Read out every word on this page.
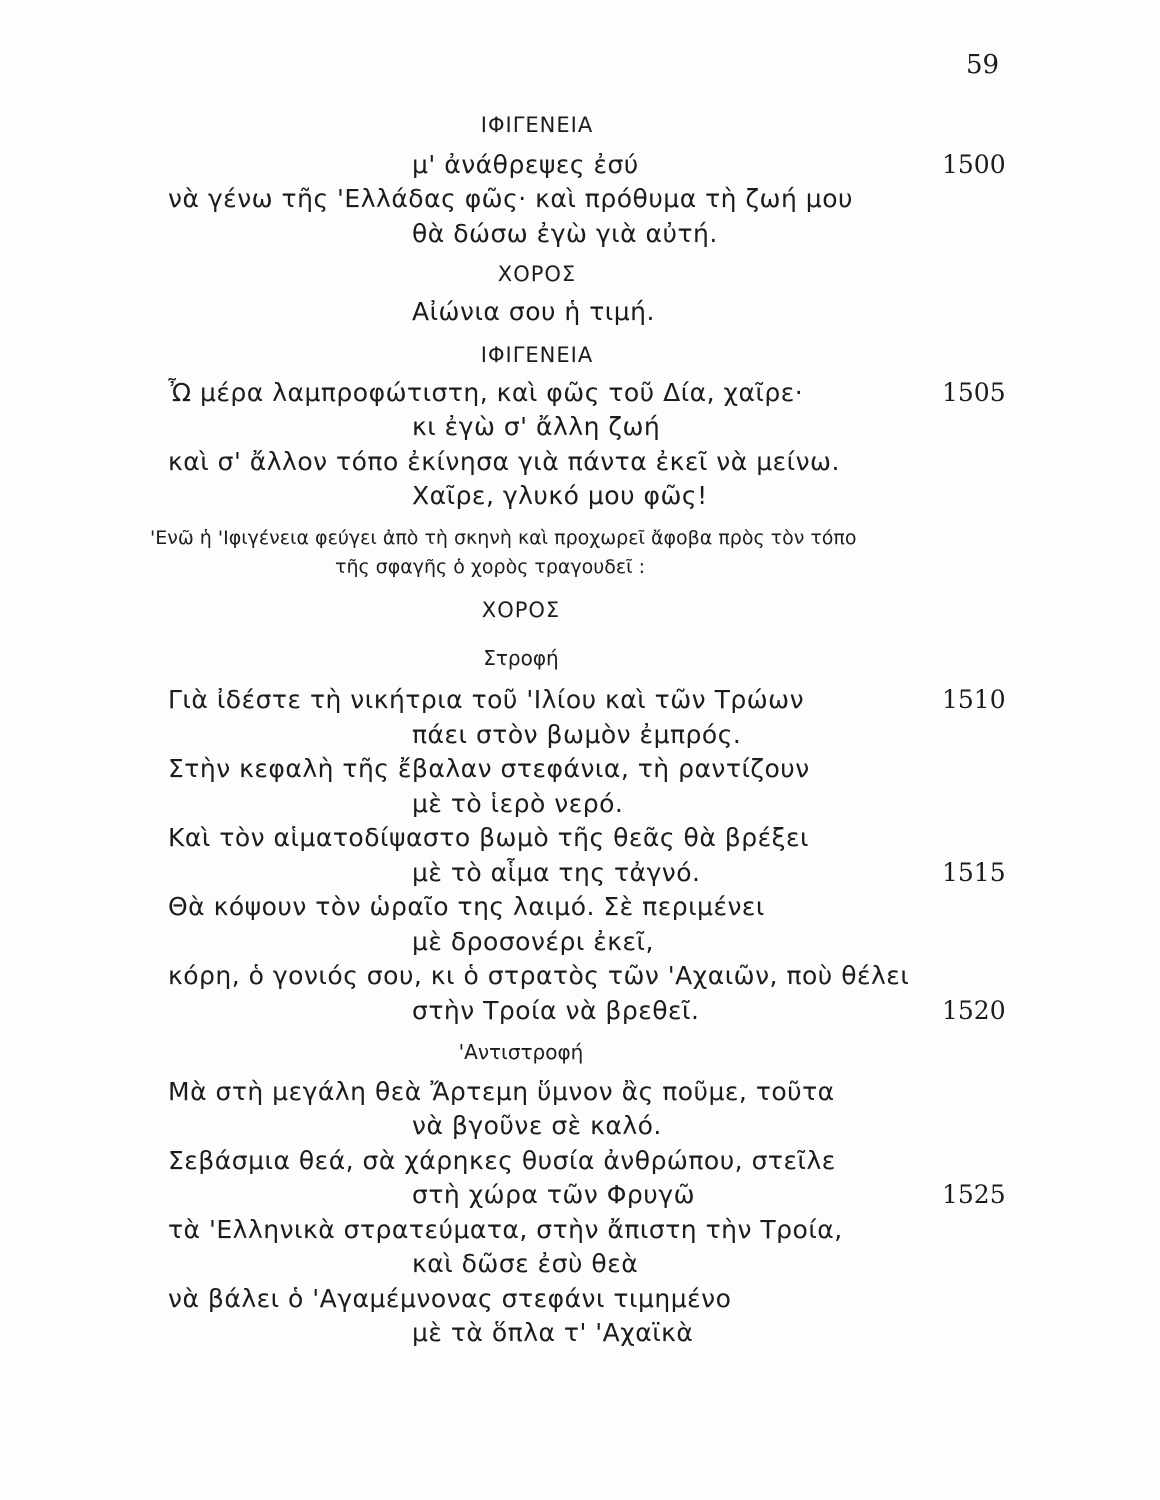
59
ΙΦΙΓΕΝΕΙΑ
μ' ἀνάθρεψες ἐσύ	1500
νὰ γένω τῆς 'Ελλάδας φῶς· καὶ πρόθυμα τὴ ζωή μου
θὰ δώσω ἐγὼ γιὰ αὐτή.
ΧΟΡΟΣ
Αἰώνια σου ἡ τιμή.
ΙΦΙΓΕΝΕΙΑ
Ὦ μέρα λαμπροφώτιστη, καὶ φῶς τοῦ Δία, χαῖρε·	1505
κι ἐγὼ σ' ἄλλη ζωή
καὶ σ' ἄλλον τόπο ἐκίνησα γιὰ πάντα ἐκεῖ νὰ μείνω.
Χαῖρε, γλυκό μου φῶς!
'Ενῶ ἡ 'Ιφιγένεια φεύγει ἀπὸ τὴ σκηνὴ καὶ προχωρεῖ ἄφοβα πρὸς τὸν τόπο
τῆς σφαγῆς ὁ χορὸς τραγουδεῖ :
ΧΟΡΟΣ
Στροφή
Γιὰ ἰδέστε τὴ νικήτρια τοῦ 'Ιλίου καὶ τῶν Τρώων	1510
πάει στὸν βωμὸν ἐμπρός.
Στὴν κεφαλὴ τῆς ἔβαλαν στεφάνια, τὴ ραντίζουν
μὲ τὸ ἱερὸ νερό.
Καὶ τὸν αἱματοδίψαστο βωμὸ τῆς θεᾶς θὰ βρέξει
μὲ τὸ αἷμα της τἀγνό.	1515
Θὰ κόψουν τὸν ὡραῖο της λαιμό. Σὲ περιμένει
μὲ δροσονέρι ἐκεῖ,
κόρη, ὁ γονιός σου, κι ὁ στρατὸς τῶν 'Αχαιῶν, ποὺ θέλει
στὴν Τροία νὰ βρεθεῖ.	1520
'Αντιστροφή
Μὰ στὴ μεγάλη θεὰ Ἄρτεμη ὕμνον ἂς ποῦμε, τοῦτα
νὰ βγοῦνε σὲ καλό.
Σεβάσμια θεά, σὰ χάρηκες θυσία ἀνθρώπου, στεῖλε
στὴ χώρα τῶν Φρυγῶ	1525
τὰ 'Ελληνικὰ στρατεύματα, στὴν ἄπιστη τὴν Τροία,
καὶ δῶσε ἐσὺ θεὰ
νὰ βάλει ὁ 'Αγαμέμνονας στεφάνι τιμημένο
μὲ τὰ ὅπλα τ' 'Αχαϊκὰ
